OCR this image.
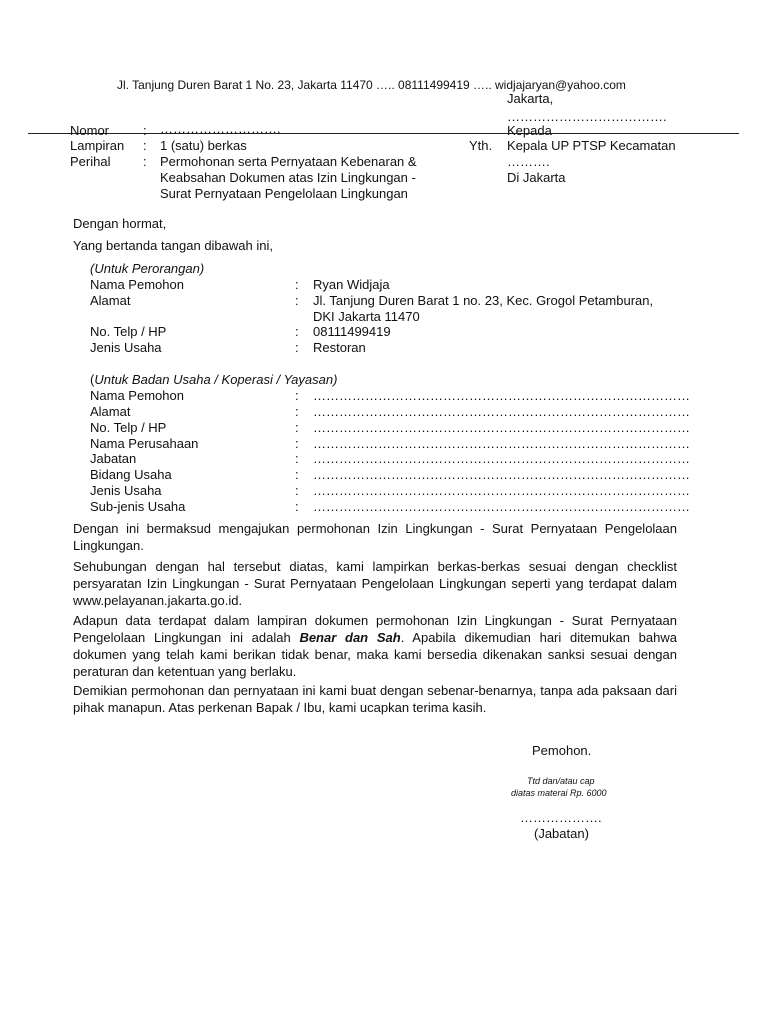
Jl. Tanjung Duren Barat 1 No. 23, Jakarta 11470 ….. 08111499419 ….. widjajaryan@yahoo.com
Jakarta,
……………………………….
Nomor	: ……………………….	Kepada
Lampiran : 1 (satu) berkas	Yth. Kepala UP PTSP Kecamatan
Perihal	: Permohonan serta Pernyataan Kebenaran &	……….
Keabsahan Dokumen atas Izin Lingkungan -	Di Jakarta
Surat Pernyataan Pengelolaan Lingkungan
Dengan hormat,
Yang bertanda tangan dibawah ini,
(Untuk Perorangan)
Nama Pemohon	: Ryan Widjaja
Alamat	: Jl. Tanjung Duren Barat 1 no. 23, Kec. Grogol Petamburan,
DKI Jakarta 11470
No. Telp / HP	: 08111499419
Jenis Usaha	: Restoran
(Untuk Badan Usaha / Koperasi / Yayasan)
Nama Pemohon	: ……………………………………………………………………………
Alamat	: ……………………………………………………………………………
No. Telp / HP	: ……………………………………………………………………………
Nama Perusahaan	: ……………………………………………………………………………
Jabatan	: ……………………………………………………………………………
Bidang Usaha	: ……………………………………………………………………………
Jenis Usaha	: ……………………………………………………………………………
Sub-jenis Usaha	: ……………………………………………………………………………
Dengan ini bermaksud mengajukan permohonan Izin Lingkungan - Surat Pernyataan Pengelolaan Lingkungan.
Sehubungan dengan hal tersebut diatas, kami lampirkan berkas-berkas sesuai dengan checklist persyaratan Izin Lingkungan - Surat Pernyataan Pengelolaan Lingkungan seperti yang terdapat dalam www.pelayanan.jakarta.go.id.
Adapun data terdapat dalam lampiran dokumen permohonan Izin Lingkungan - Surat Pernyataan Pengelolaan Lingkungan ini adalah Benar dan Sah. Apabila dikemudian hari ditemukan bahwa dokumen yang telah kami berikan tidak benar, maka kami bersedia dikenakan sanksi sesuai dengan peraturan dan ketentuan yang berlaku.
Demikian permohonan dan pernyataan ini kami buat dengan sebenar-benarnya, tanpa ada paksaan dari pihak manapun. Atas perkenan Bapak / Ibu, kami ucapkan terima kasih.
Pemohon.
Ttd dan/atau cap
diatas materai Rp. 6000
……………….
(Jabatan)
